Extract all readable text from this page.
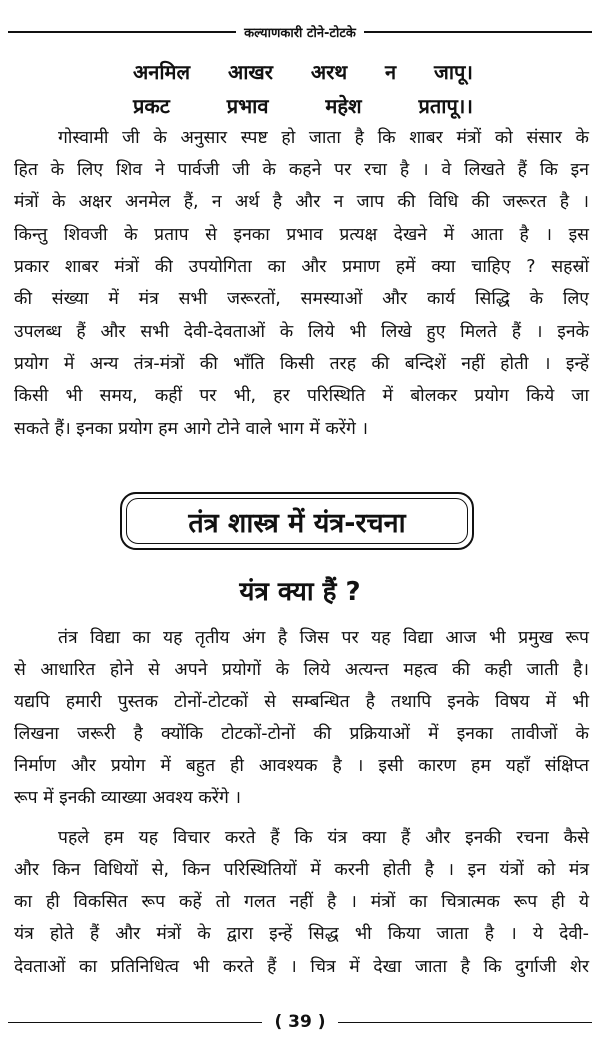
कल्याणकारी टोने-टोटके
अनमिल आखर अरथ न जापू।
प्रकट	प्रभाव	महेश	प्रतापू।।
गोस्वामी जी के अनुसार स्पष्ट हो जाता है कि शाबर मंत्रों को संसार के
हित के लिए शिव ने पार्वजी जी के कहने पर रचा है । वे लिखते हैं कि इन
मंत्रों के अक्षर अनमेल हैं, न अर्थ है और न जाप की विधि की जरूरत है ।
किन्तु शिवजी के प्रताप से इनका प्रभाव प्रत्यक्ष देखने में आता है । इस
प्रकार शाबर मंत्रों की उपयोगिता का और प्रमाण हमें क्या चाहिए ? सहस्रों
की संख्या में मंत्र सभी जरूरतों, समस्याओं और कार्य सिद्धि के लिए
उपलब्ध हैं और सभी देवी-देवताओं के लिये भी लिखे हुए मिलते हैं । इनके
प्रयोग में अन्य तंत्र-मंत्रों की भाँति किसी तरह की बन्दिशें नहीं होती । इन्हें
किसी भी समय, कहीं पर भी, हर परिस्थिति में बोलकर प्रयोग किये जा
सकते हैं। इनका प्रयोग हम आगे टोने वाले भाग में करेंगे ।
तंत्र शास्त्र में यंत्र-रचना
यंत्र क्या हैं ?
तंत्र विद्या का यह तृतीय अंग है जिस पर यह विद्या आज भी प्रमुख रूप
से आधारित होने से अपने प्रयोगों के लिये अत्यन्त महत्व की कही जाती है।
यद्यपि हमारी पुस्तक टोनों-टोटकों से सम्बन्धित है तथापि इनके विषय में भी
लिखना जरूरी है क्योंकि टोटकों-टोनों की प्रक्रियाओं में इनका तावीजों के
निर्माण और प्रयोग में बहुत ही आवश्यक है । इसी कारण हम यहाँ संक्षिप्त
रूप में इनकी व्याख्या अवश्य करेंगे ।
पहले हम यह विचार करते हैं कि यंत्र क्या हैं और इनकी रचना कैसे
और किन विधियों से, किन परिस्थितियों में करनी होती है । इन यंत्रों को मंत्र
का ही विकसित रूप कहें तो गलत नहीं है । मंत्रों का चित्रात्मक रूप ही ये
यंत्र होते हैं और मंत्रों के द्वारा इन्हें सिद्ध भी किया जाता है । ये देवी-
देवताओं का प्रतिनिधित्व भी करते हैं । चित्र में देखा जाता है कि दुर्गाजी शेर
( 39 )
